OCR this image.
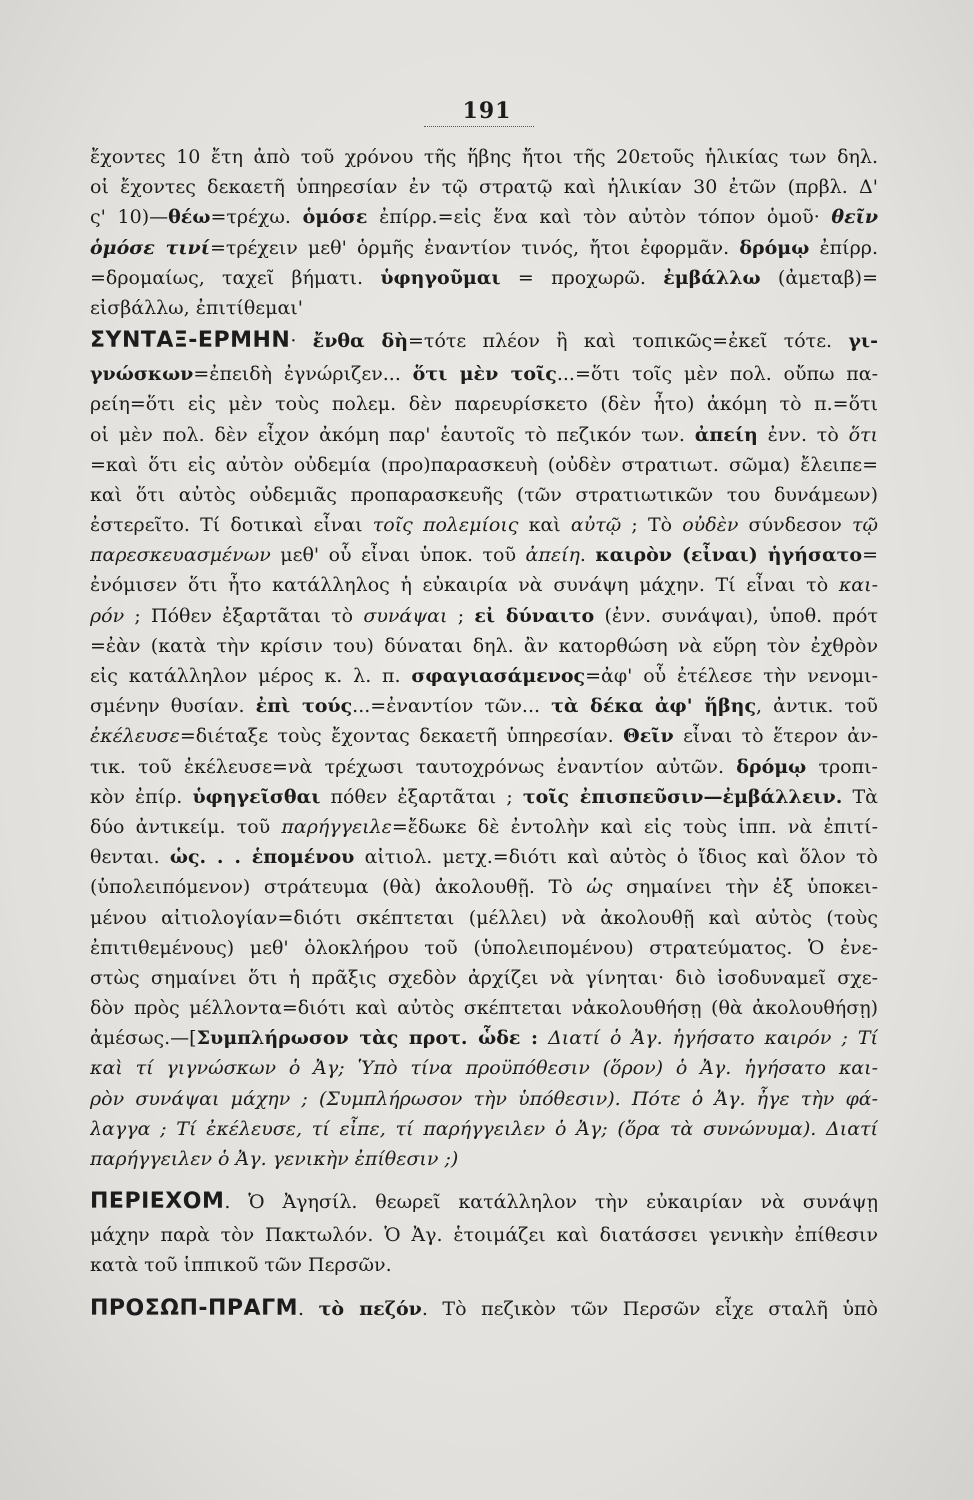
191
ἔχοντες 10 ἔτη ἀπὸ τοῦ χρόνου τῆς ἥβης ἤτοι τῆς 20ετοῦς ἡλικίας των δηλ.
οἱ ἔχοντες δεκαετῆ ὑπηρεσίαν ἐν τῷ στρατῷ καὶ ἡλικίαν 30 ἐτῶν (πρβλ. Δ'
ς' 10)—θέω=τρέχω. ὁμόσε ἐπίρρ.=εἰς ἕνα καὶ τὸν αὐτὸν τόπον ὁμοῦ· θεῖν
ὁμόσε τινί=τρέχειν μεθ' ὁρμῆς ἐναντίον τινός, ἤτοι ἐφορμᾶν. δρόμῳ ἐπίρρ.
=δρομαίως, ταχεῖ βήματι. ὑφηγοῦμαι = προχωρῶ. ἐμβάλλω (ἀμεταβ)=
εἰσβάλλω, ἐπιτίθεμαι'
ΣΥΝΤΑΞ-ΕΡΜΗΝ· ἔνθα δὴ=τότε πλέον ἢ καὶ τοπικῶς=ἐκεῖ τότε. γι-
γνώσκων=ἐπειδὴ ἐγνώριζεν... ὅτι μὲν τοῖς...=ὅτι τοῖς μὲν πολ. οὔπω πα-
ρείη=ὅτι εἰς μὲν τοὺς πολεμ. δὲν παρευρίσκετο (δὲν ἦτο) ἀκόμη τὸ π.=ὅτι
οἱ μὲν πολ. δὲν εἶχον ἀκόμη παρ' ἑαυτοῖς τὸ πεζικόν των. ἀπείη ἐνν. τὸ ὅτι
=καὶ ὅτι εἰς αὐτὸν οὐδεμία (προ)παρασκευὴ (οὐδὲν στρατιωτ. σῶμα) ἔλειπε=
καὶ ὅτι αὐτὸς οὐδεμιᾶς προπαρασκευῆς (τῶν στρατιωτικῶν του δυνάμεων)
ἐστερεῖτο. Τί δοτικαὶ εἶναι τοῖς πολεμίοις καὶ αὐτῷ ; Τὸ οὐδὲν σύνδεσον τῷ
παρεσκευασμένων μεθ' οὗ εἶναι ὑποκ. τοῦ ἀπείη. καιρὸν (εἶναι) ἡγήσατο=
ἐνόμισεν ὅτι ἦτο κατάλληλος ἡ εὐκαιρία νὰ συνάψη μάχην. Τί εἶναι τὸ και-
ρόν ; Πόθεν ἐξαρτᾶται τὸ συνάψαι ; εἰ δύναιτο (ἐνν. συνάψαι), ὑποθ. πρότ
=ἐὰν (κατὰ τὴν κρίσιν του) δύναται δηλ. ἂν κατορθώση νὰ εὕρη τὸν ἐχθρὸν
εἰς κατάλληλον μέρος κ. λ. π. σφαγιασάμενος=ἀφ' οὗ ἐτέλεσε τὴν νενομι-
σμένην θυσίαν. ἐπὶ τούς...=ἐναντίον τῶν... τὰ δέκα ἀφ' ἥβης, ἀντικ. τοῦ
ἐκέλευσε=διέταξε τοὺς ἔχοντας δεκαετῆ ὑπηρεσίαν. Θεῖν εἶναι τὸ ἕτερον ἀν-
τικ. τοῦ ἐκέλευσε=νὰ τρέχωσι ταυτοχρόνως ἐναντίον αὐτῶν. δρόμῳ τροπι-
κὸν ἐπίρ. ὑφηγεῖσθαι πόθεν ἐξαρτᾶται ; τοῖς ἐπισπεῦσιν—ἐμβάλλειν. Τὰ
δύο ἀντικείμ. τοῦ παρήγγειλε=ἔδωκε δὲ ἐντολὴν καὶ εἰς τοὺς ἱππ. νὰ ἐπιτί-
θενται. ὡς. . . ἑπομένου αἰτιολ. μετχ.=διότι καὶ αὐτὸς ὁ ἴδιος καὶ ὅλον τὸ
(ὑπολειπόμενον) στράτευμα (θὰ) ἀκολουθῇ. Τὸ ὡς σημαίνει τὴν ἐξ ὑποκει-
μένου αἰτιολογίαν=διότι σκέπτεται (μέλλει) νὰ ἀκολουθῇ καὶ αὐτὸς (τοὺς
ἐπιτιθεμένους) μεθ' ὁλοκλήρου τοῦ (ὑπολειπομένου) στρατεύματος. Ὁ ἐνε-
στὼς σημαίνει ὅτι ἡ πρᾶξις σχεδὸν ἀρχίζει νὰ γίνηται· διὸ ἰσοδυναμεῖ σχε-
δὸν πρὸς μέλλοντα=διότι καὶ αὐτὸς σκέπτεται νἀκολουθήσῃ (θὰ ἀκολουθήσῃ)
ἀμέσως.—[Συμπλήρωσον τὰς προτ. ὧδε : Διατί ὁ Ἀγ. ἡγήσατο καιρόν ; Τί
καὶ τί γιγνώσκων ὁ Ἀγ; Ὑπὸ τίνα προϋπόθεσιν (ὅρον) ὁ Ἀγ. ἡγήσατο και-
ρὸν συνάψαι μάχην ; (Συμπλήρωσον τὴν ὑπόθεσιν). Πότε ὁ Ἀγ. ἦγε τὴν φά-
λαγγα ; Τί ἐκέλευσε, τί εἶπε, τί παρήγγειλεν ὁ Ἀγ; (ὅρα τὰ συνώνυμα). Διατί
παρήγγειλεν ὁ Ἀγ. γενικὴν ἐπίθεσιν ;)
ΠΕΡΙΕΧΟΜ. Ὁ Ἀγησίλ. θεωρεῖ κατάλληλον τὴν εὐκαιρίαν νὰ συνάψῃ
μάχην παρὰ τὸν Πακτωλόν. Ὁ Ἀγ. ἑτοιμάζει καὶ διατάσσει γενικὴν ἐπίθεσιν
κατὰ τοῦ ἱππικοῦ τῶν Περσῶν.
ΠΡΟΣΩΠ-ΠΡΑΓΜ. τὸ πεζόν. Τὸ πεζικὸν τῶν Περσῶν εἶχε σταλῆ ὑπὸ
